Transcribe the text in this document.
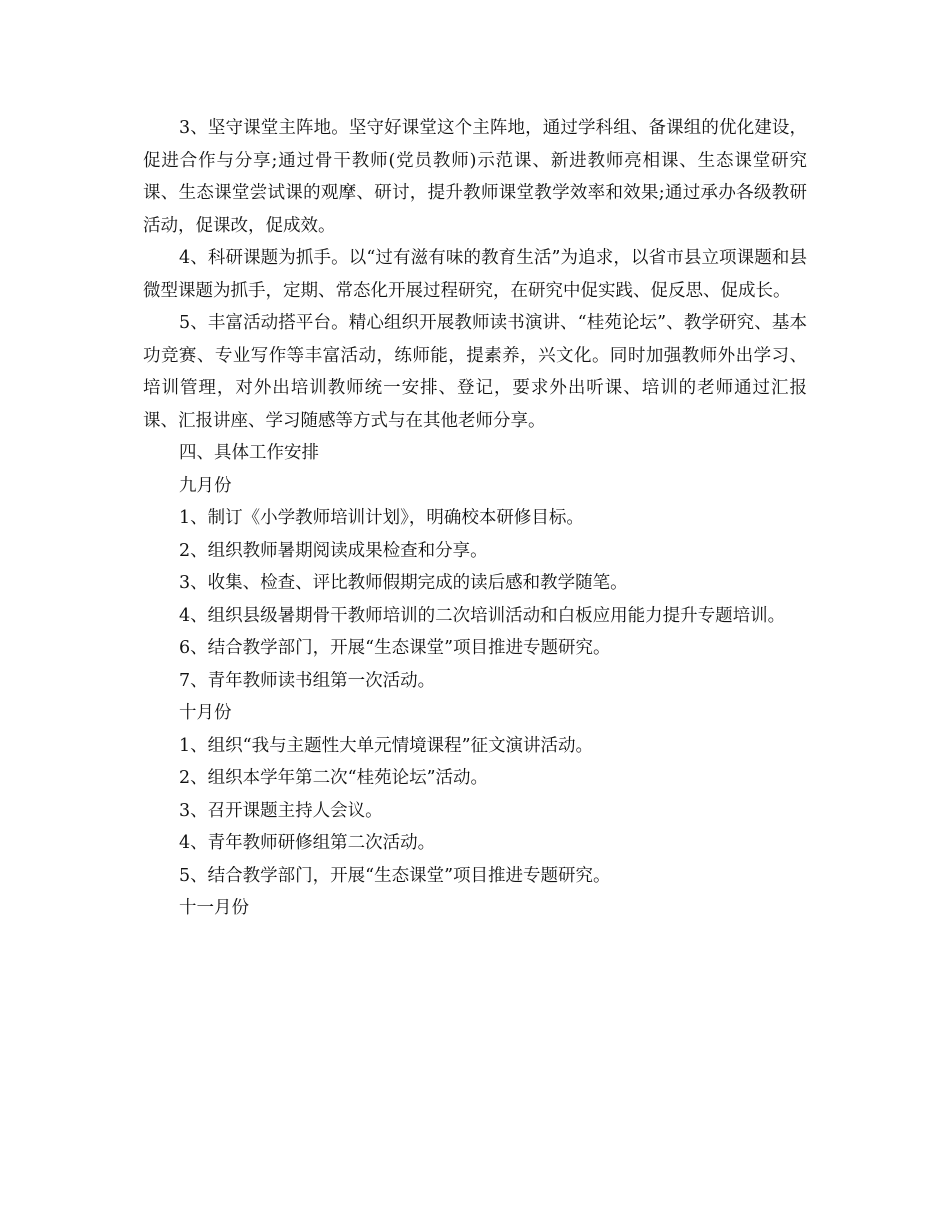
3、坚守课堂主阵地。坚守好课堂这个主阵地，通过学科组、备课组的优化建设，促进合作与分享;通过骨干教师(党员教师)示范课、新进教师亮相课、生态课堂研究课、生态课堂尝试课的观摩、研讨，提升教师课堂教学效率和效果;通过承办各级教研活动，促课改，促成效。

4、科研课题为抓手。以“过有滋有味的教育生活”为追求，以省市县立项课题和县微型课题为抓手，定期、常态化开展过程研究，在研究中促实践、促反思、促成长。

5、丰富活动搭平台。精心组织开展教师读书演讲、“桂苑论坛”、教学研究、基本功竞赛、专业写作等丰富活动，练师能，提素养，兴文化。同时加强教师外出学习、培训管理，对外出培训教师统一安排、登记，要求外出听课、培训的老师通过汇报课、汇报讲座、学习随感等方式与在其他老师分享。

四、具体工作安排

九月份

1、制订《小学教师培训计划》，明确校本研修目标。

2、组织教师暑期阅读成果检查和分享。

3、收集、检查、评比教师假期完成的读后感和教学随笔。

4、组织县级暑期骨干教师培训的二次培训活动和白板应用能力提升专题培训。

6、结合教学部门，开展“生态课堂”项目推进专题研究。

7、青年教师读书组第一次活动。

十月份

1、组织“我与主题性大单元情境课程”征文演讲活动。

2、组织本学年第二次“桂苑论坛”活动。

3、召开课题主持人会议。

4、青年教师研修组第二次活动。

5、结合教学部门，开展“生态课堂”项目推进专题研究。

十一月份
